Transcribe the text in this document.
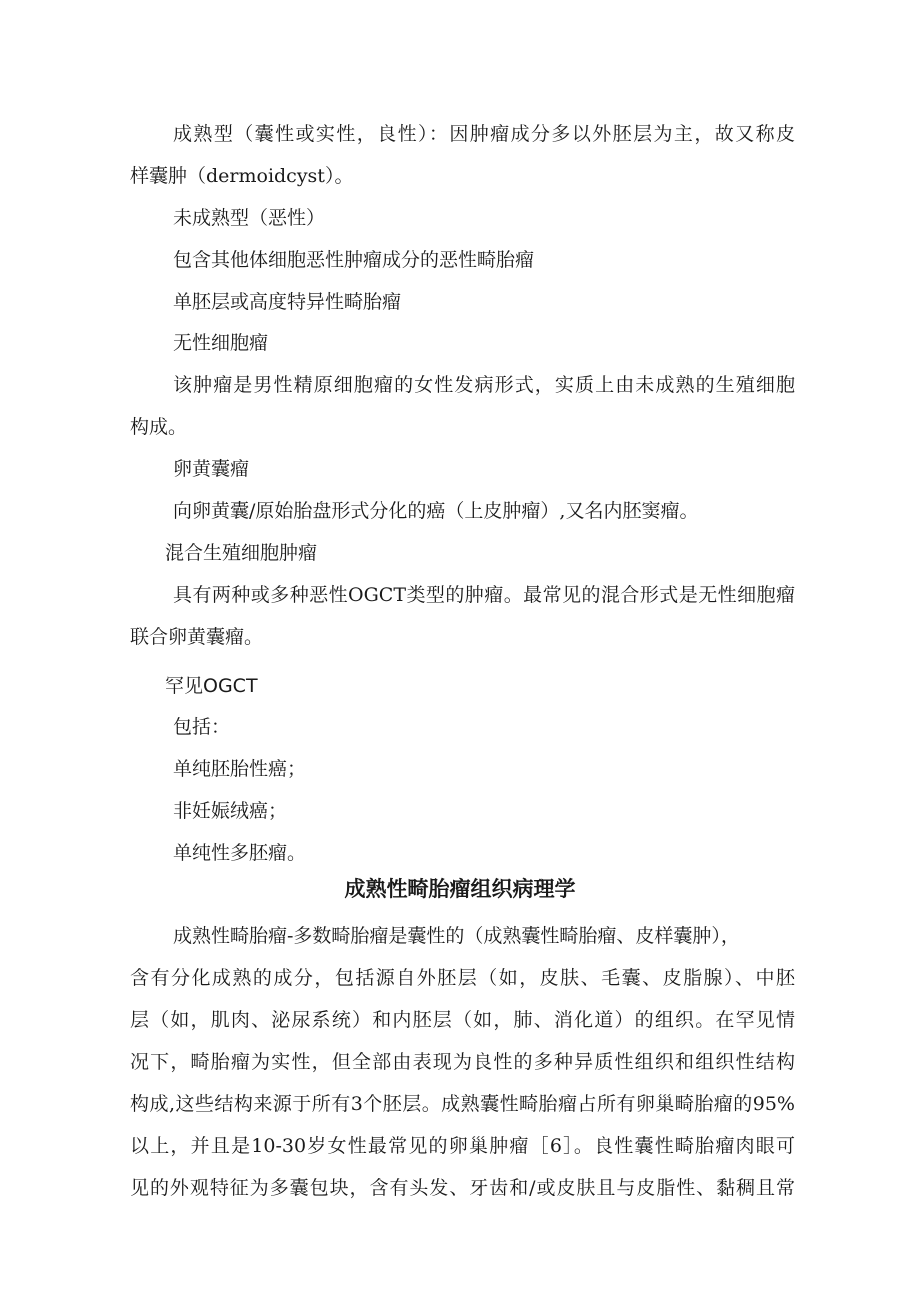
成熟型（囊性或实性，良性）：因肿瘤成分多以外胚层为主，故又称皮
样囊肿（dermoidcyst）。
未成熟型（恶性）
包含其他体细胞恶性肿瘤成分的恶性畸胎瘤
单胚层或高度特异性畸胎瘤
无性细胞瘤
该肿瘤是男性精原细胞瘤的女性发病形式，实质上由未成熟的生殖细胞
构成。
卵黄囊瘤
向卵黄囊/原始胎盘形式分化的癌（上皮肿瘤）,又名内胚窦瘤。
混合生殖细胞肿瘤
具有两种或多种恶性OGCT类型的肿瘤。最常见的混合形式是无性细胞瘤
联合卵黄囊瘤。
罕见OGCT
包括：
单纯胚胎性癌；
非妊娠绒癌；
单纯性多胚瘤。
成熟性畸胎瘤组织病理学
成熟性畸胎瘤-多数畸胎瘤是囊性的（成熟囊性畸胎瘤、皮样囊肿），
含有分化成熟的成分，包括源自外胚层（如，皮肤、毛囊、皮脂腺）、中胚
层（如，肌肉、泌尿系统）和内胚层（如，肺、消化道）的组织。在罕见情
况下，畸胎瘤为实性，但全部由表现为良性的多种异质性组织和组织性结构
构成,这些结构来源于所有3个胚层。成熟囊性畸胎瘤占所有卵巢畸胎瘤的95%
以上，并且是10-30岁女性最常见的卵巢肿瘤［6］。良性囊性畸胎瘤肉眼可
见的外观特征为多囊包块，含有头发、牙齿和/或皮肤且与皮脂性、黏稠且常
